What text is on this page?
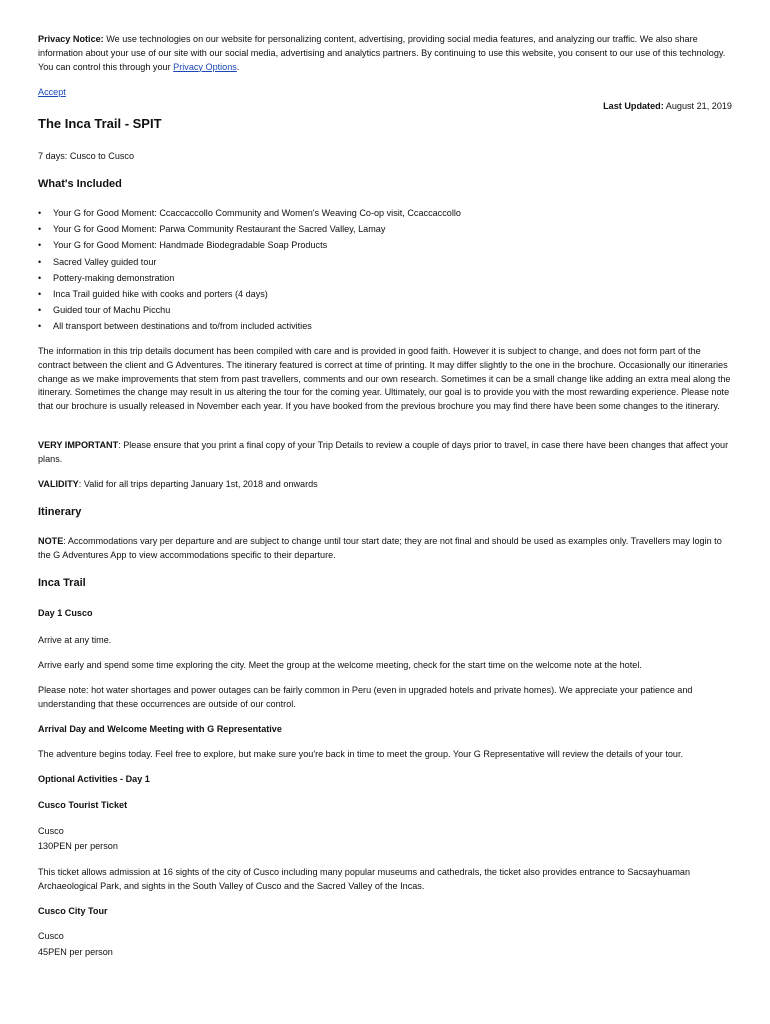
Privacy Notice: We use technologies on our website for personalizing content, advertising, providing social media features, and analyzing our traffic. We also share information about your use of our site with our social media, advertising and analytics partners. By continuing to use this website, you consent to our use of this technology. You can control this through your Privacy Options.

Accept

Last Updated: August 21, 2019

The Inca Trail - SPIT

7 days: Cusco to Cusco

What's Included
• Your G for Good Moment: Ccaccaccollo Community and Women's Weaving Co-op visit, Ccaccaccollo
• Your G for Good Moment: Parwa Community Restaurant the Sacred Valley, Lamay
• Your G for Good Moment: Handmade Biodegradable Soap Products
• Sacred Valley guided tour
• Pottery-making demonstration
• Inca Trail guided hike with cooks and porters (4 days)
• Guided tour of Machu Picchu
• All transport between destinations and to/from included activities

The information in this trip details document has been compiled with care and is provided in good faith. However it is subject to change, and does not form part of the contract between the client and G Adventures. The itinerary featured is correct at time of printing. It may differ slightly to the one in the brochure. Occasionally our itineraries change as we make improvements that stem from past travellers, comments and our own research. Sometimes it can be a small change like adding an extra meal along the itinerary. Sometimes the change may result in us altering the tour for the coming year. Ultimately, our goal is to provide you with the most rewarding experience. Please note that our brochure is usually released in November each year. If you have booked from the previous brochure you may find there have been some changes to the itinerary.

VERY IMPORTANT: Please ensure that you print a final copy of your Trip Details to review a couple of days prior to travel, in case there have been changes that affect your plans.

VALIDITY: Valid for all trips departing January 1st, 2018 and onwards

Itinerary

NOTE: Accommodations vary per departure and are subject to change until tour start date; they are not final and should be used as examples only. Travellers may login to the G Adventures App to view accommodations specific to their departure.

Inca Trail

Day 1 Cusco

Arrive at any time.

Arrive early and spend some time exploring the city. Meet the group at the welcome meeting, check for the start time on the welcome note at the hotel.

Please note: hot water shortages and power outages can be fairly common in Peru (even in upgraded hotels and private homes). We appreciate your patience and understanding that these occurrences are outside of our control.

Arrival Day and Welcome Meeting with G Representative

The adventure begins today. Feel free to explore, but make sure you're back in time to meet the group. Your G Representative will review the details of your tour.

Optional Activities - Day 1

Cusco Tourist Ticket

Cusco

130PEN per person

This ticket allows admission at 16 sights of the city of Cusco including many popular museums and cathedrals, the ticket also provides entrance to Sacsayhuaman Archaeological Park, and sights in the South Valley of Cusco and the Sacred Valley of the Incas.

Cusco City Tour

Cusco

45PEN per person
